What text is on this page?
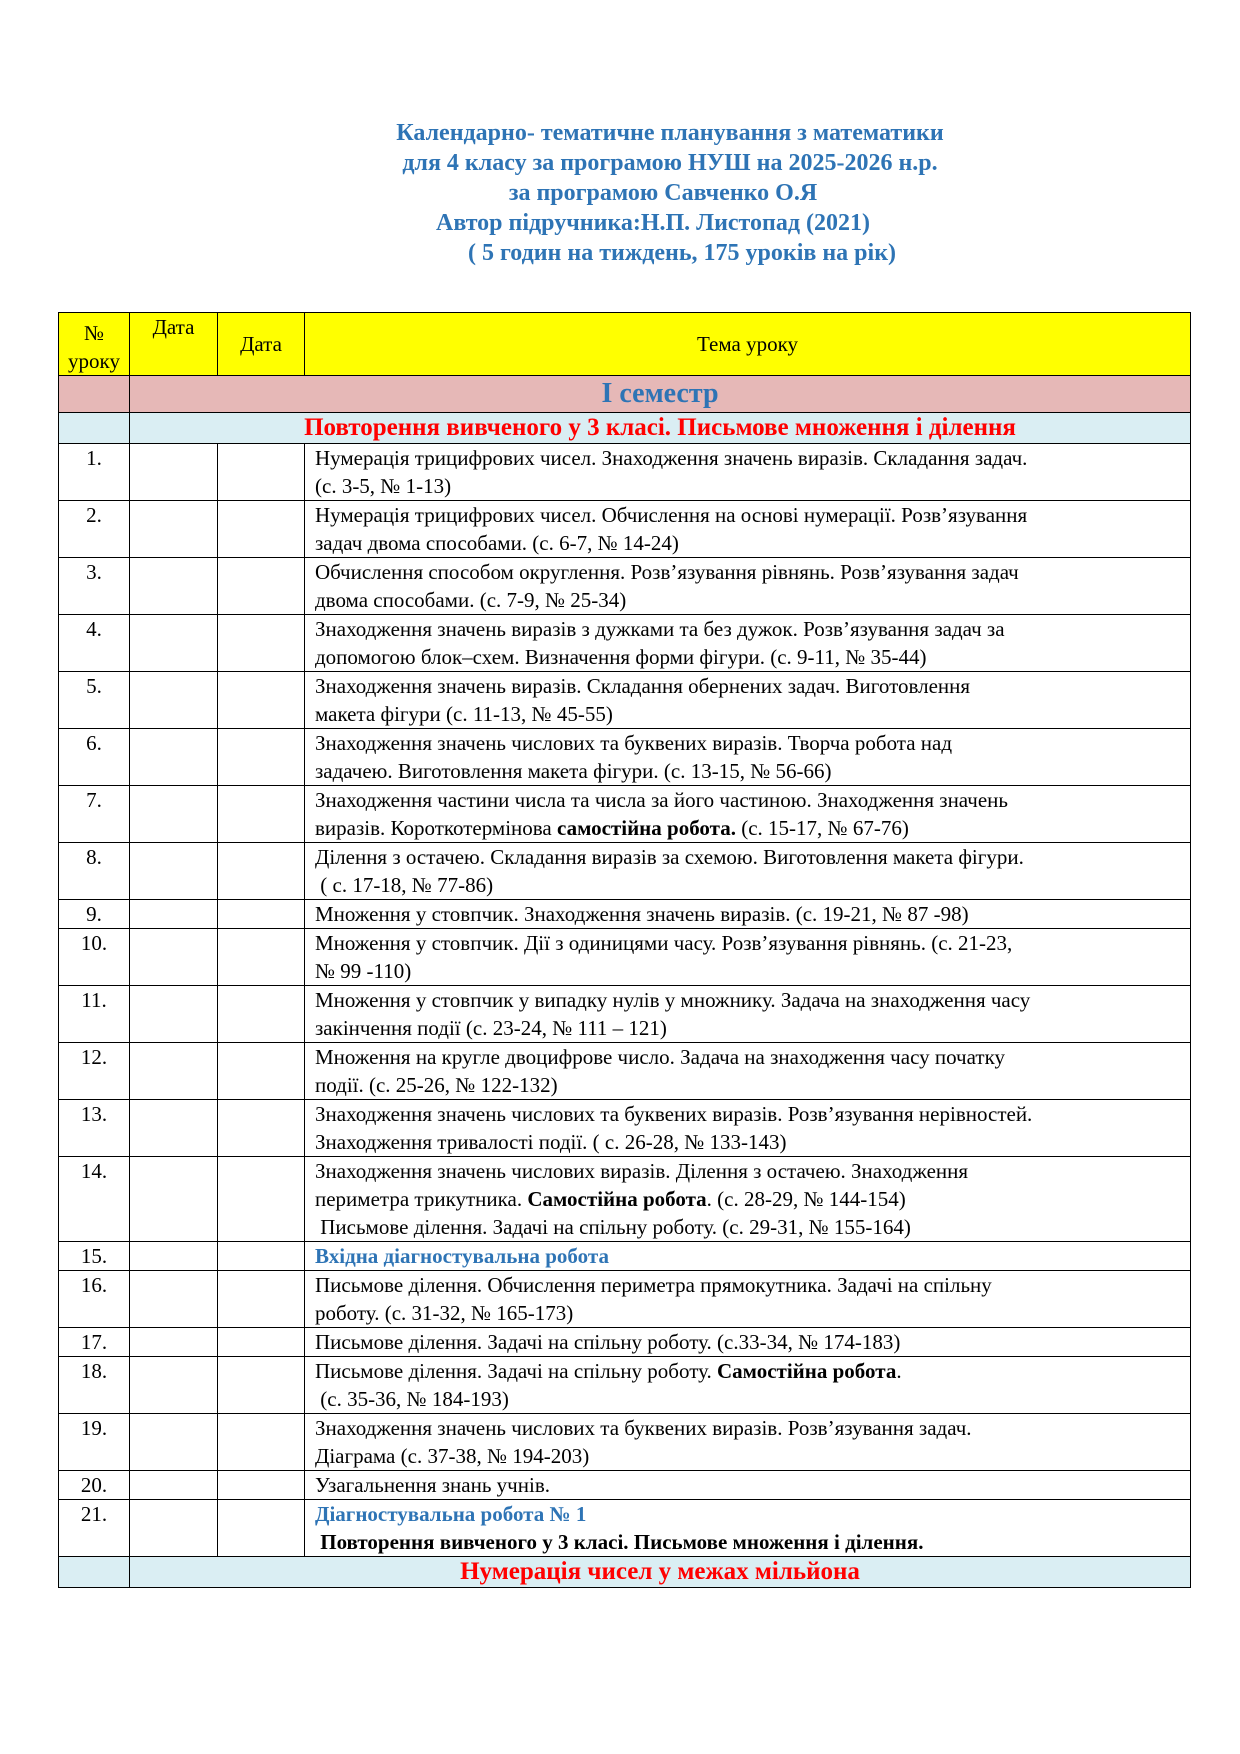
Календарно- тематичне планування з математики
для 4 класу за програмою НУШ на 2025-2026 н.р.
за програмою Савченко О.Я
Автор підручника:Н.П. Листопад (2021)
( 5 годин на тиждень, 175 уроків на рік)
№ уроку	Дата	Дата	Тема уроку
	І семестр		
	Повторення вивченого у 3 класі. Письмове множення і ділення		
1.			Нумерація трицифрових чисел. Знаходження значень виразів. Складання задач.
(с. 3-5, № 1-13)
2.			Нумерація трицифрових чисел. Обчислення на основі нумерації. Розв’язування
задач двома способами. (с. 6-7, № 14-24)
3.			Обчислення способом округлення. Розв’язування рівнянь. Розв’язування задач
двома способами. (с. 7-9, № 25-34)
4.			Знаходження значень виразів з дужками та без дужок. Розв’язування задач за
допомогою блок–схем. Визначення форми фігури. (с. 9-11, № 35-44)
5.			Знаходження значень виразів. Складання обернених задач. Виготовлення
макета фігури (с. 11-13, № 45-55)
6.			Знаходження значень числових та буквених виразів. Творча робота над
задачею. Виготовлення макета фігури. (с. 13-15, № 56-66)
7.			Знаходження частини числа та числа за його частиною. Знаходження значень
виразів. Короткотермінова самостійна робота. (с. 15-17, № 67-76)
8.			Ділення з остачею. Складання виразів за схемою. Виготовлення макета фігури.
( с. 17-18, № 77-86)
9.			Множення у стовпчик. Знаходження значень виразів. (с. 19-21, № 87 -98)
10.			Множення у стовпчик. Дії з одиницями часу. Розв’язування рівнянь. (с. 21-23,
№ 99 -110)
11.			Множення у стовпчик у випадку нулів у множнику. Задача на знаходження часу
закінчення події (с. 23-24, № 111 – 121)
12.			Множення на кругле двоцифрове число. Задача на знаходження часу початку
події. (с. 25-26, № 122-132)
13.			Знаходження значень числових та буквених виразів. Розв’язування нерівностей.
Знаходження тривалості події. ( с. 26-28, № 133-143)
14.			Знаходження значень числових виразів. Ділення з остачею. Знаходження
периметра трикутника. Самостійна робота. (с. 28-29, № 144-154)
Письмове ділення. Задачі на спільну роботу. (с. 29-31, № 155-164)
15.			Вхідна діагностувальна робота
16.			Письмове ділення. Обчислення периметра прямокутника. Задачі на спільну
роботу. (с. 31-32, № 165-173)
17.			Письмове ділення. Задачі на спільну роботу. (с.33-34, № 174-183)
18.			Письмове ділення. Задачі на спільну роботу. Самостійна робота.
(с. 35-36, № 184-193)
19.			Знаходження значень числових та буквених виразів. Розв’язування задач.
Діаграма (с. 37-38, № 194-203)
20.			Узагальнення знань учнів.
21.			Діагностувальна робота № 1
Повторення вивченого у 3 класі. Письмове множення і ділення.
	Нумерація чисел у межах мільйона		
